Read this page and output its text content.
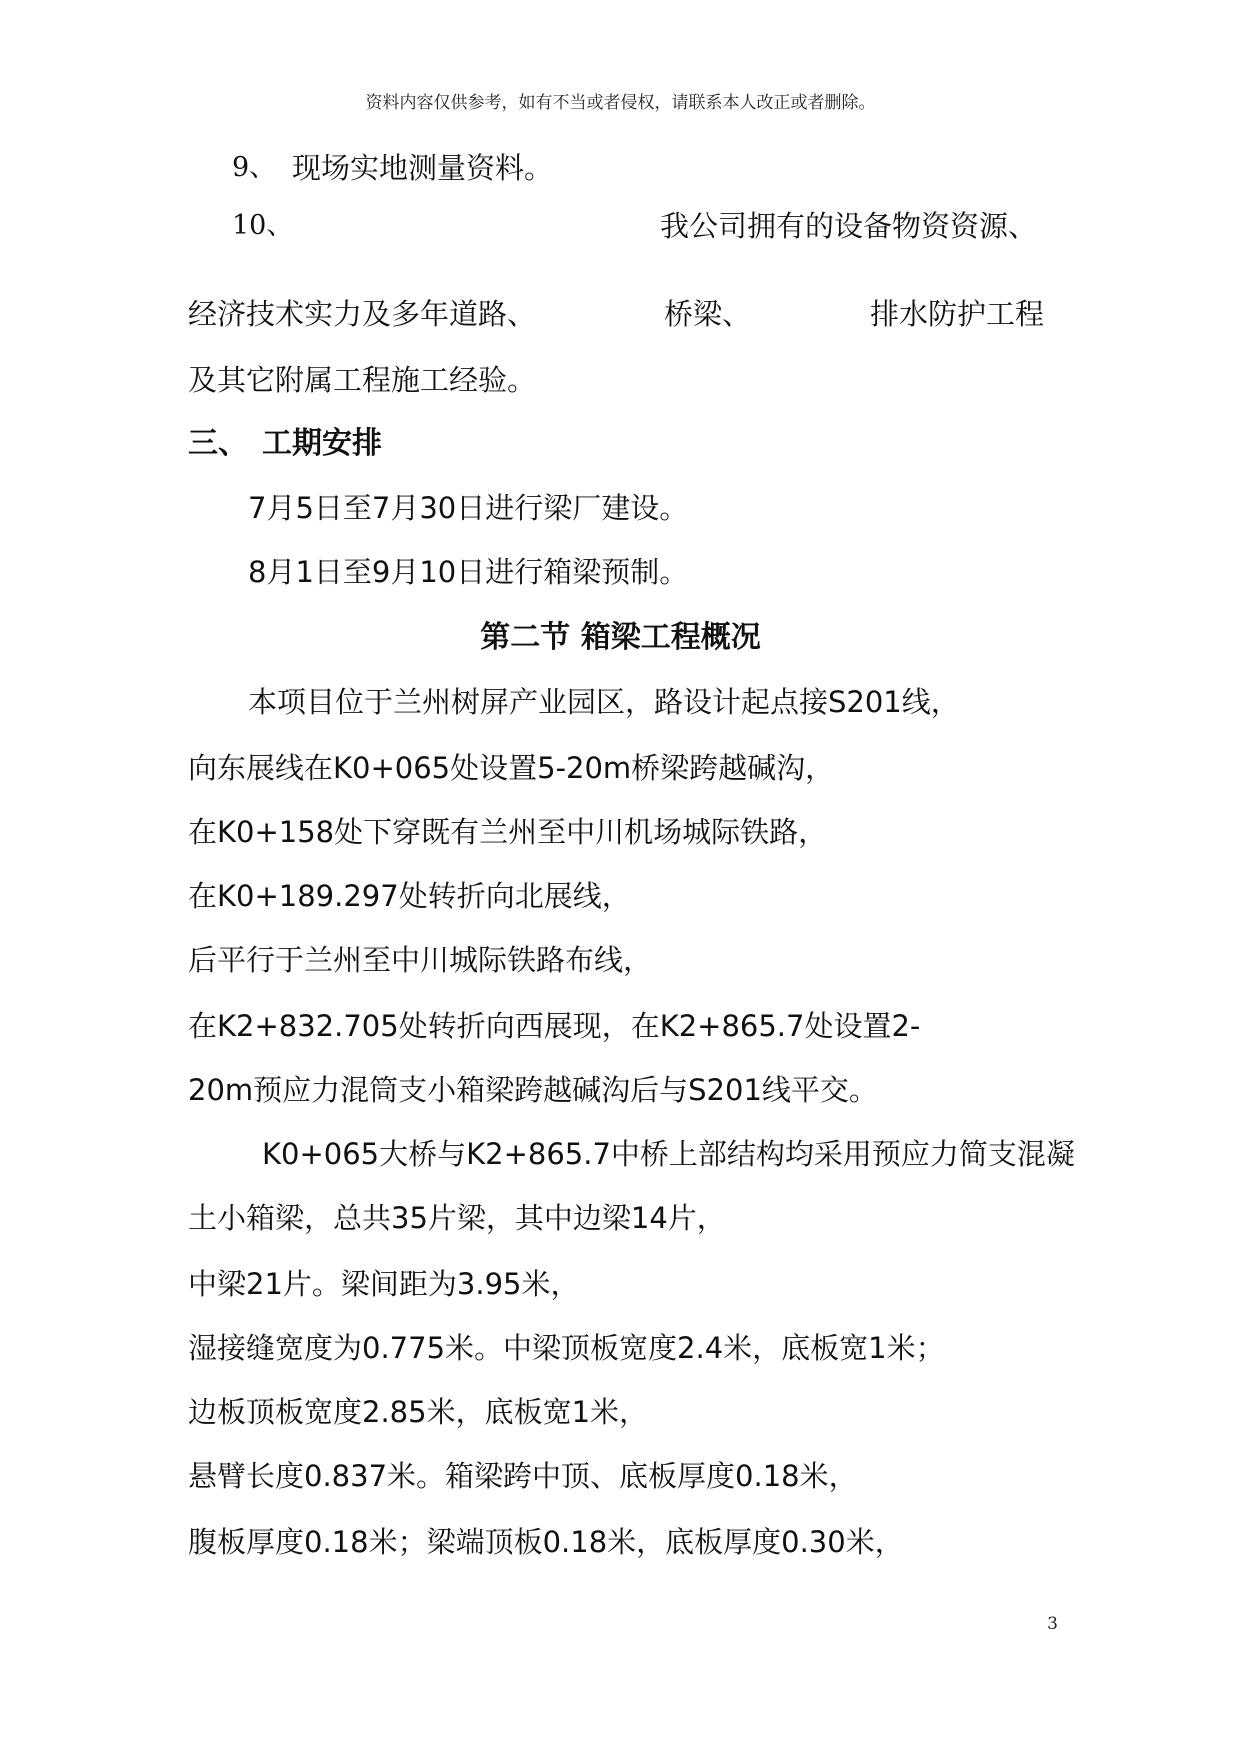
资料内容仅供参考，如有不当或者侵权，请联系本人改正或者删除。
9、 现场实地测量资料。
10、	我公司拥有的设备物资资源、
经济技术实力及多年道路、	桥梁、	排水防护工程
及其它附属工程施工经验。
三、 工期安排
7月5日至7月30日进行梁厂建设。
8月1日至9月10日进行箱梁预制。
第二节 箱梁工程概况
本项目位于兰州树屏产业园区，路设计起点接S201线，
向东展线在K0+065处设置5-20m桥梁跨越碱沟，
在K0+158处下穿既有兰州至中川机场城际铁路，
在K0+189.297处转折向北展线，
后平行于兰州至中川城际铁路布线，
在K2+832.705处转折向西展现，在K2+865.7处设置2-
20m预应力混筒支小箱梁跨越碱沟后与S201线平交。
K0+065大桥与K2+865.7中桥上部结构均采用预应力简支混凝
土小箱梁，总共35片梁，其中边梁14片，
中梁21片。梁间距为3.95米，
湿接缝宽度为0.775米。中梁顶板宽度2.4米，底板宽1米；
边板顶板宽度2.85米，底板宽1米，
悬臂长度0.837米。箱梁跨中顶、底板厚度0.18米，
腹板厚度0.18米；梁端顶板0.18米，底板厚度0.30米，
3
